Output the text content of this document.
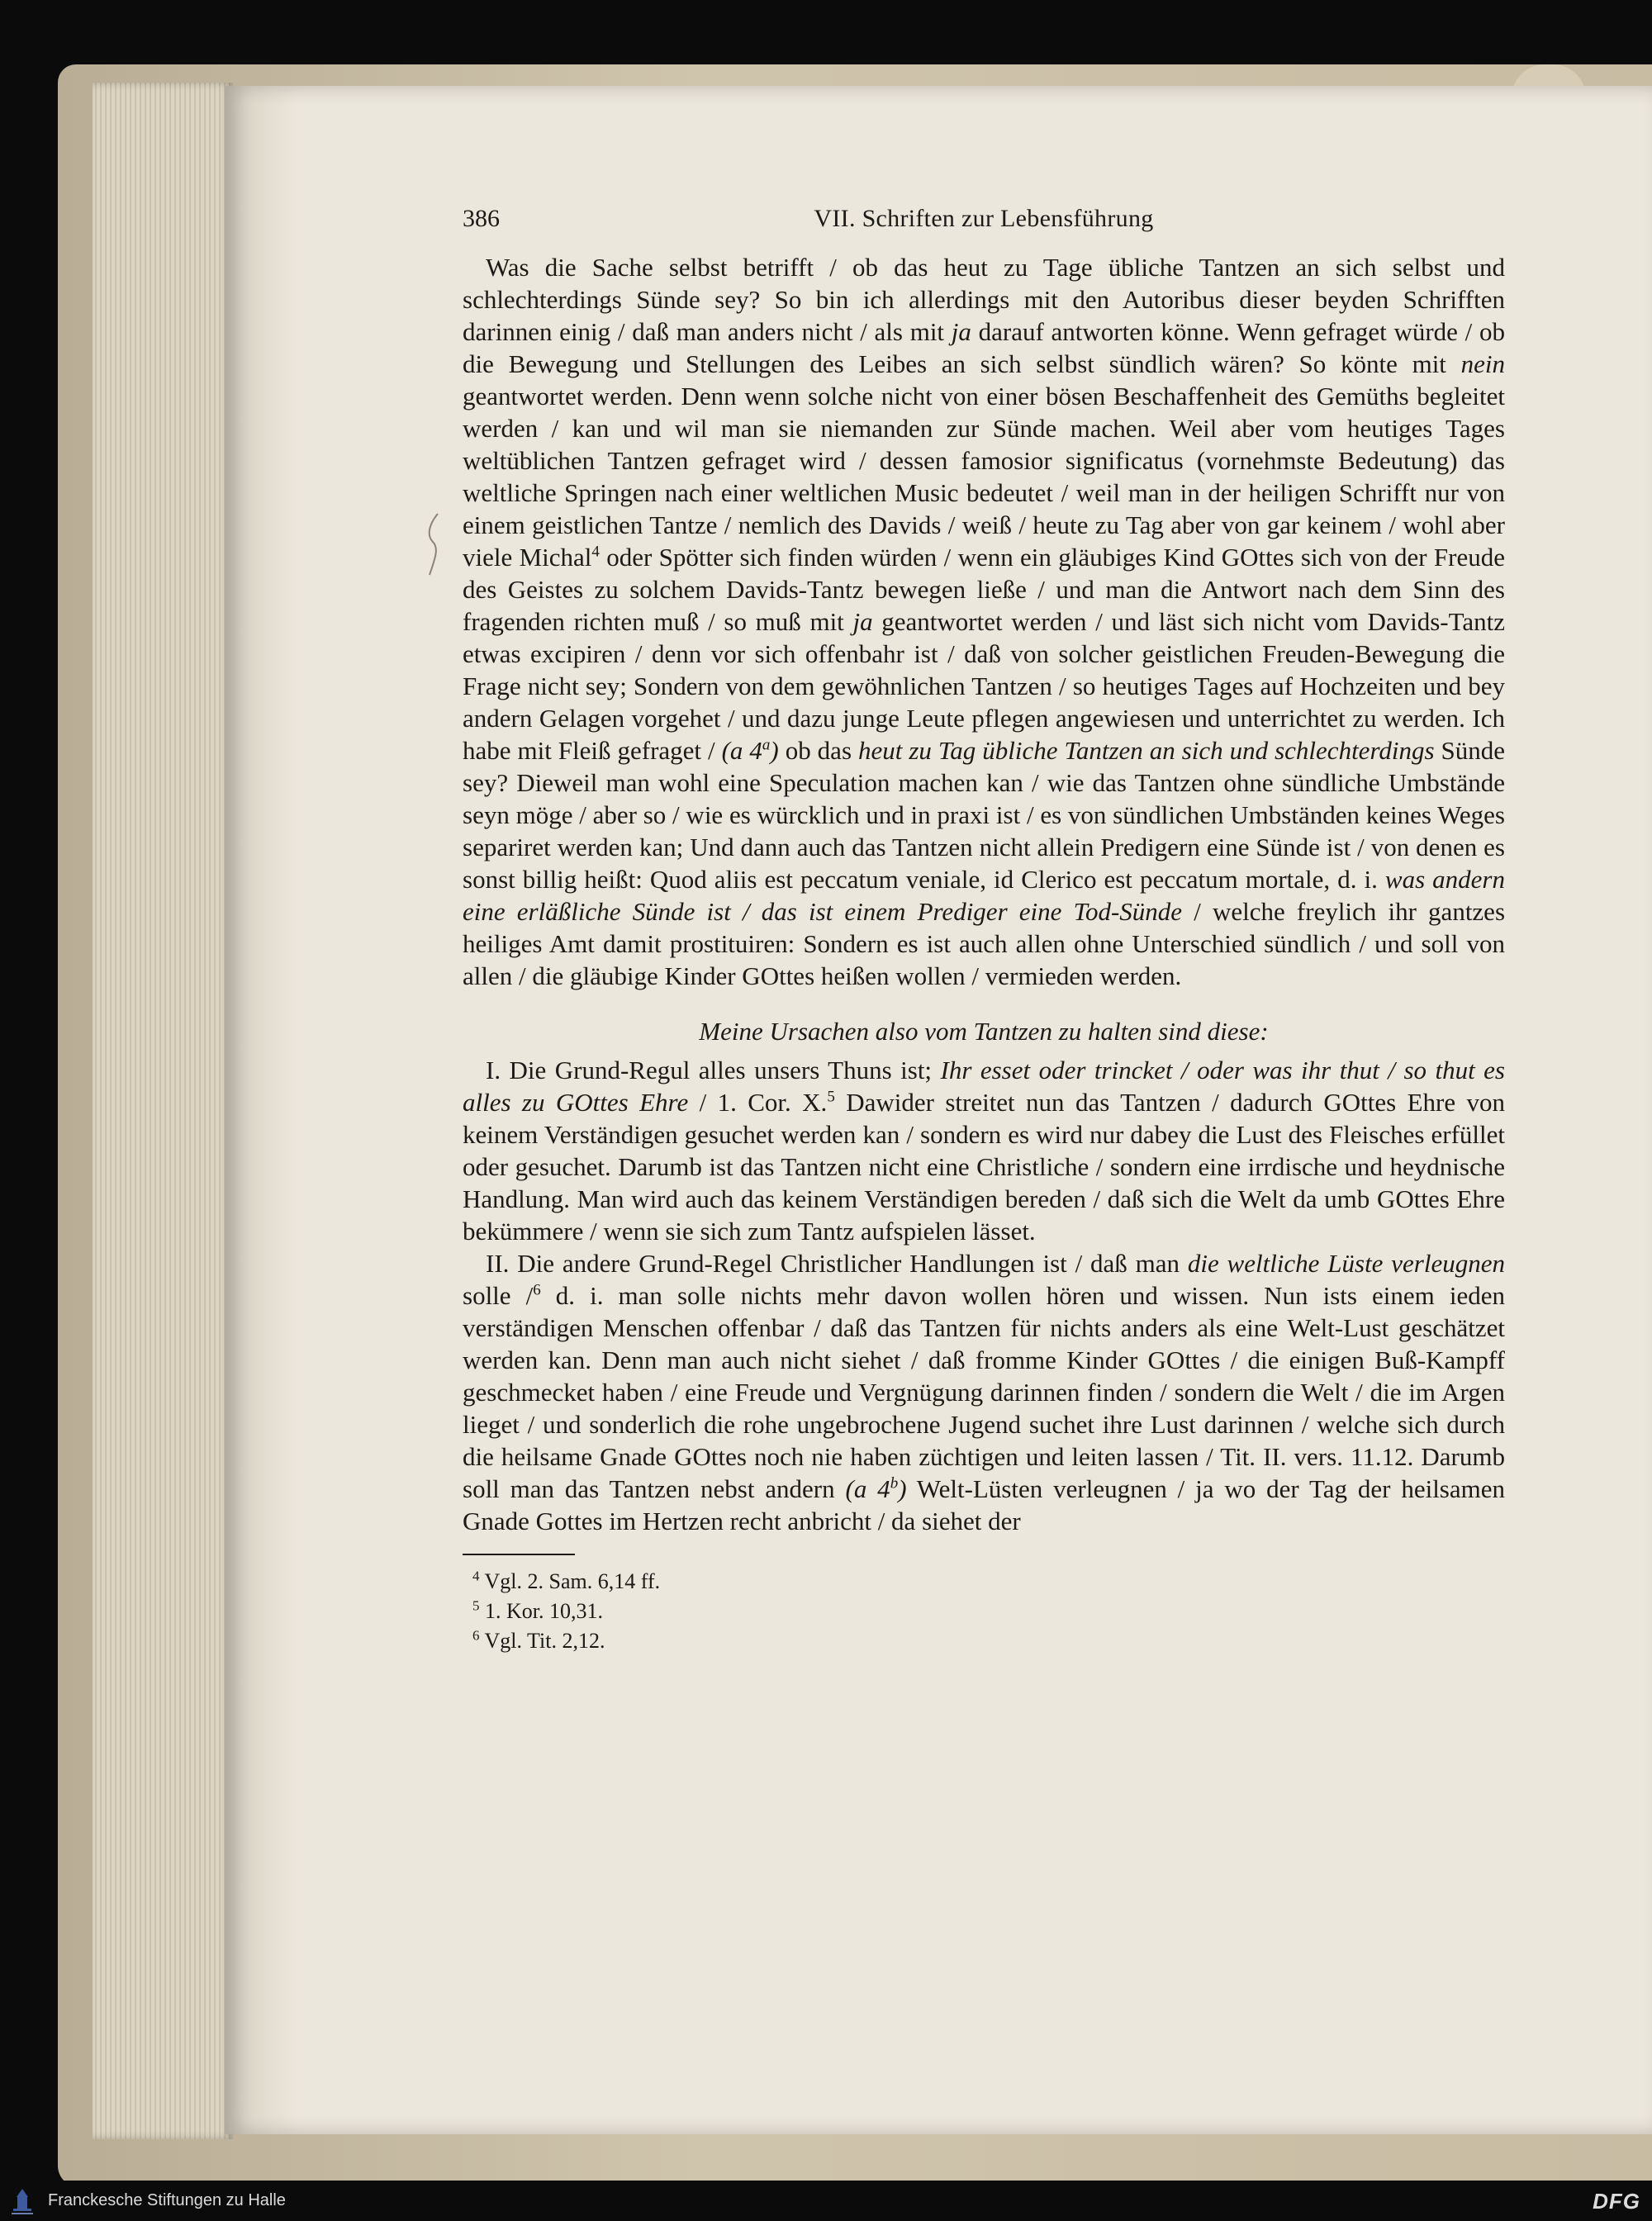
386	VII. Schriften zur Lebensführung

Was die Sache selbst betrifft / ob das heut zu Tage übliche Tantzen an sich selbst und schlechterdings Sünde sey? So bin ich allerdings mit den Autoribus dieser beyden Schrifften darinnen einig / daß man anders nicht / als mit ja darauf antworten könne. Wenn gefraget würde / ob die Bewegung und Stellungen des Leibes an sich selbst sündlich wären? So könte mit nein geantwortet werden. Denn wenn solche nicht von einer bösen Beschaffenheit des Gemüths begleitet werden / kan und wil man sie niemanden zur Sünde machen. Weil aber vom heutiges Tages weltüblichen Tantzen gefraget wird / dessen famosior significatus (vornehmste Bedeutung) das weltliche Springen nach einer weltlichen Music bedeutet / weil man in der heiligen Schrifft nur von einem geistlichen Tantze / nemlich des Davids / weiß / heute zu Tag aber von gar keinem / wohl aber viele Michal$^4$ oder Spötter sich finden würden / wenn ein gläubiges Kind GOttes sich von der Freude des Geistes zu solchem Davids-Tantz bewegen ließe / und man die Antwort nach dem Sinn des fragenden richten muß / so muß mit ja geantwortet werden / und läst sich nicht vom Davids-Tantz etwas excipiren / denn vor sich offenbahr ist / daß von solcher geistlichen Freuden-Bewegung die Frage nicht sey; Sondern von dem gewöhnlichen Tantzen / so heutiges Tages auf Hochzeiten und bey andern Gelagen vorgehet / und dazu junge Leute pflegen angewiesen und unterrichtet zu werden. Ich habe mit Fleiß gefraget / (a 4$^a$) ob das heut zu Tag übliche Tantzen an sich und schlechterdings Sünde sey? Dieweil man wohl eine Speculation machen kan / wie das Tantzen ohne sündliche Umbstände seyn möge / aber so / wie es würcklich und in praxi ist / es von sündlichen Umbständen keines Weges separiret werden kan; Und dann auch das Tantzen nicht allein Predigern eine Sünde ist / von denen es sonst billig heißt: Quod aliis est peccatum veniale, id Clerico est peccatum mortale, d. i. was andern eine erläßliche Sünde ist / das ist einem Prediger eine Tod-Sünde / welche freylich ihr gantzes heiliges Amt damit prostituiren: Sondern es ist auch allen ohne Unterschied sündlich / und soll von allen / die gläubige Kinder GOttes heißen wollen / vermieden werden.

Meine Ursachen also vom Tantzen zu halten sind diese:

I. Die Grund-Regul alles unsers Thuns ist; Ihr esset oder trincket / oder was ihr thut / so thut es alles zu GOttes Ehre / 1. Cor. X.$^5$ Dawider streitet nun das Tantzen / dadurch GOttes Ehre von keinem Verständigen gesuchet werden kan / sondern es wird nur dabey die Lust des Fleisches erfüllet oder gesuchet. Darumb ist das Tantzen nicht eine Christliche / sondern eine irrdische und heydnische Handlung. Man wird auch das keinem Verständigen bereden / daß sich die Welt da umb GOttes Ehre bekümmere / wenn sie sich zum Tantz aufspielen lässet.

II. Die andere Grund-Regel Christlicher Handlungen ist / daß man die weltliche Lüste verleugnen solle /$^6$ d. i. man solle nichts mehr davon wollen hören und wissen. Nun ists einem ieden verständigen Menschen offenbar / daß das Tantzen für nichts anders als eine Welt-Lust geschätzet werden kan. Denn man auch nicht siehet / daß fromme Kinder GOttes / die einigen Buß-Kampff geschmecket haben / eine Freude und Vergnügung darinnen finden / sondern die Welt / die im Argen lieget / und sonderlich die rohe ungebrochene Jugend suchet ihre Lust darinnen / welche sich durch die heilsame Gnade GOttes noch nie haben züchtigen und leiten lassen / Tit. II. vers. 11.12. Darumb soll man das Tantzen nebst andern (a 4$^b$) Welt-Lüsten verleugnen / ja wo der Tag der heilsamen Gnade Gottes im Hertzen recht anbricht / da siehet der

$^4$ Vgl. 2. Sam. 6,14 ff.
$^5$ 1. Kor. 10,31.
$^6$ Vgl. Tit. 2,12.
Franckesche Stiftungen zu Halle	DFG
